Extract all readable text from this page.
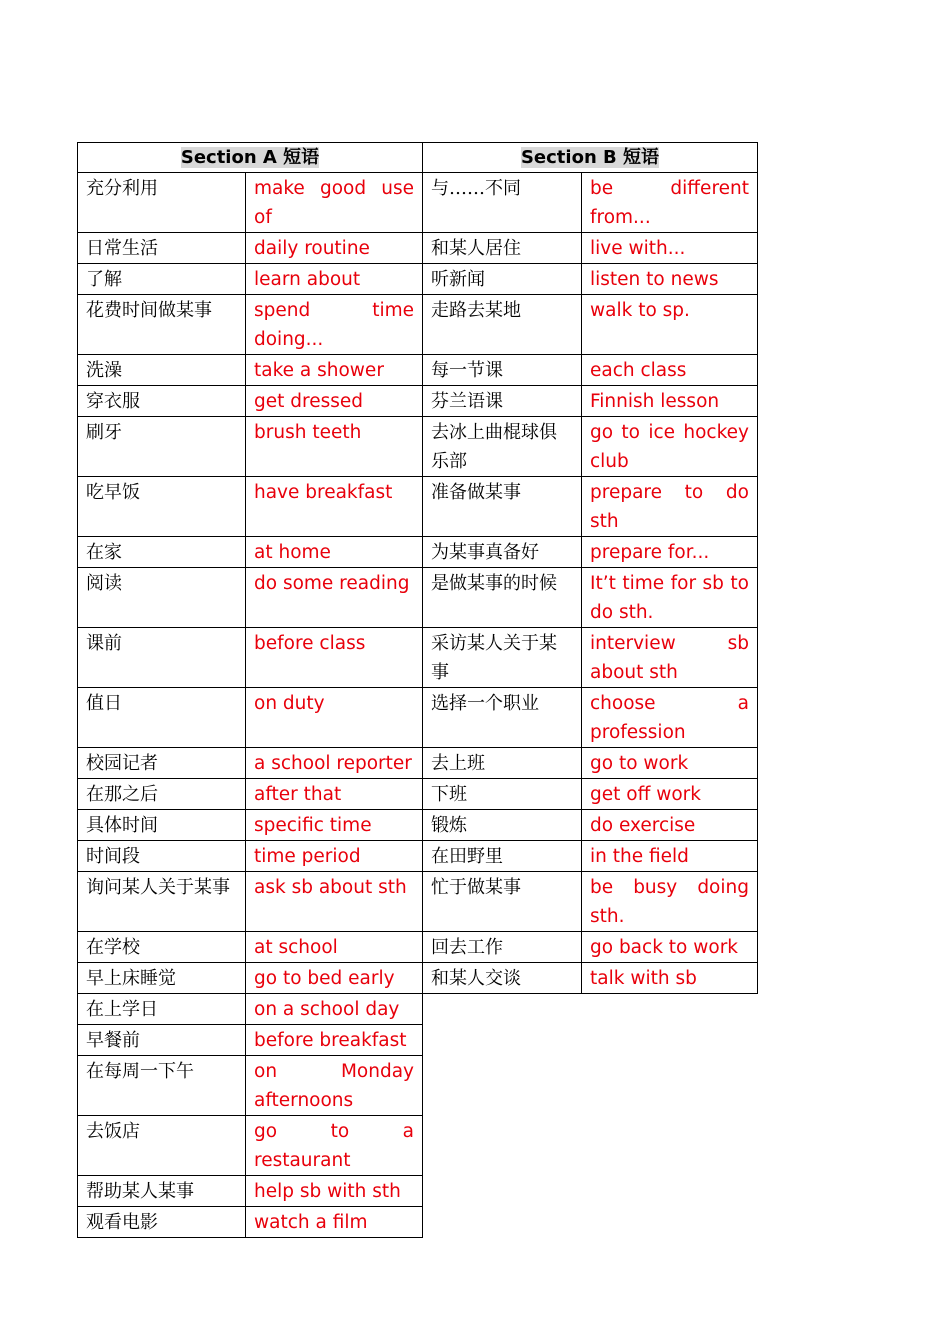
Section A 短语		Section B 短语	
充分利用	make good use of	与……不同	be different from...
日常生活	daily routine	和某人居住	live with...
了解	learn about	听新闻	listen to news
花费时间做某事	spend time doing...	走路去某地	walk to sp.
洗澡	take a shower	每一节课	each class
穿衣服	get dressed	芬兰语课	Finnish lesson
刷牙	brush teeth	去冰上曲棍球俱乐部	go to ice hockey club
吃早饭	have breakfast	准备做某事	prepare to do sth
在家	at home	为某事真备好	prepare for...
阅读	do some reading	是做某事的时候	It’t time for sb to do sth.
课前	before class	采访某人关于某事	interview sb about sth
值日	on duty	选择一个职业	choose a profession
校园记者	a school reporter	去上班	go to work
在那之后	after that	下班	get off work
具体时间	specific time	锻炼	do exercise
时间段	time period	在田野里	in the field
询问某人关于某事	ask sb about sth	忙于做某事	be busy doing sth.
在学校	at school	回去工作	go back to work
早上床睡觉	go to bed early	和某人交谈	talk with sb
在上学日	on a school day		
早餐前	before breakfast		
在每周一下午	on Monday afternoons		
去饭店	go to a restaurant		
帮助某人某事	help sb with sth		
观看电影	watch a film		
